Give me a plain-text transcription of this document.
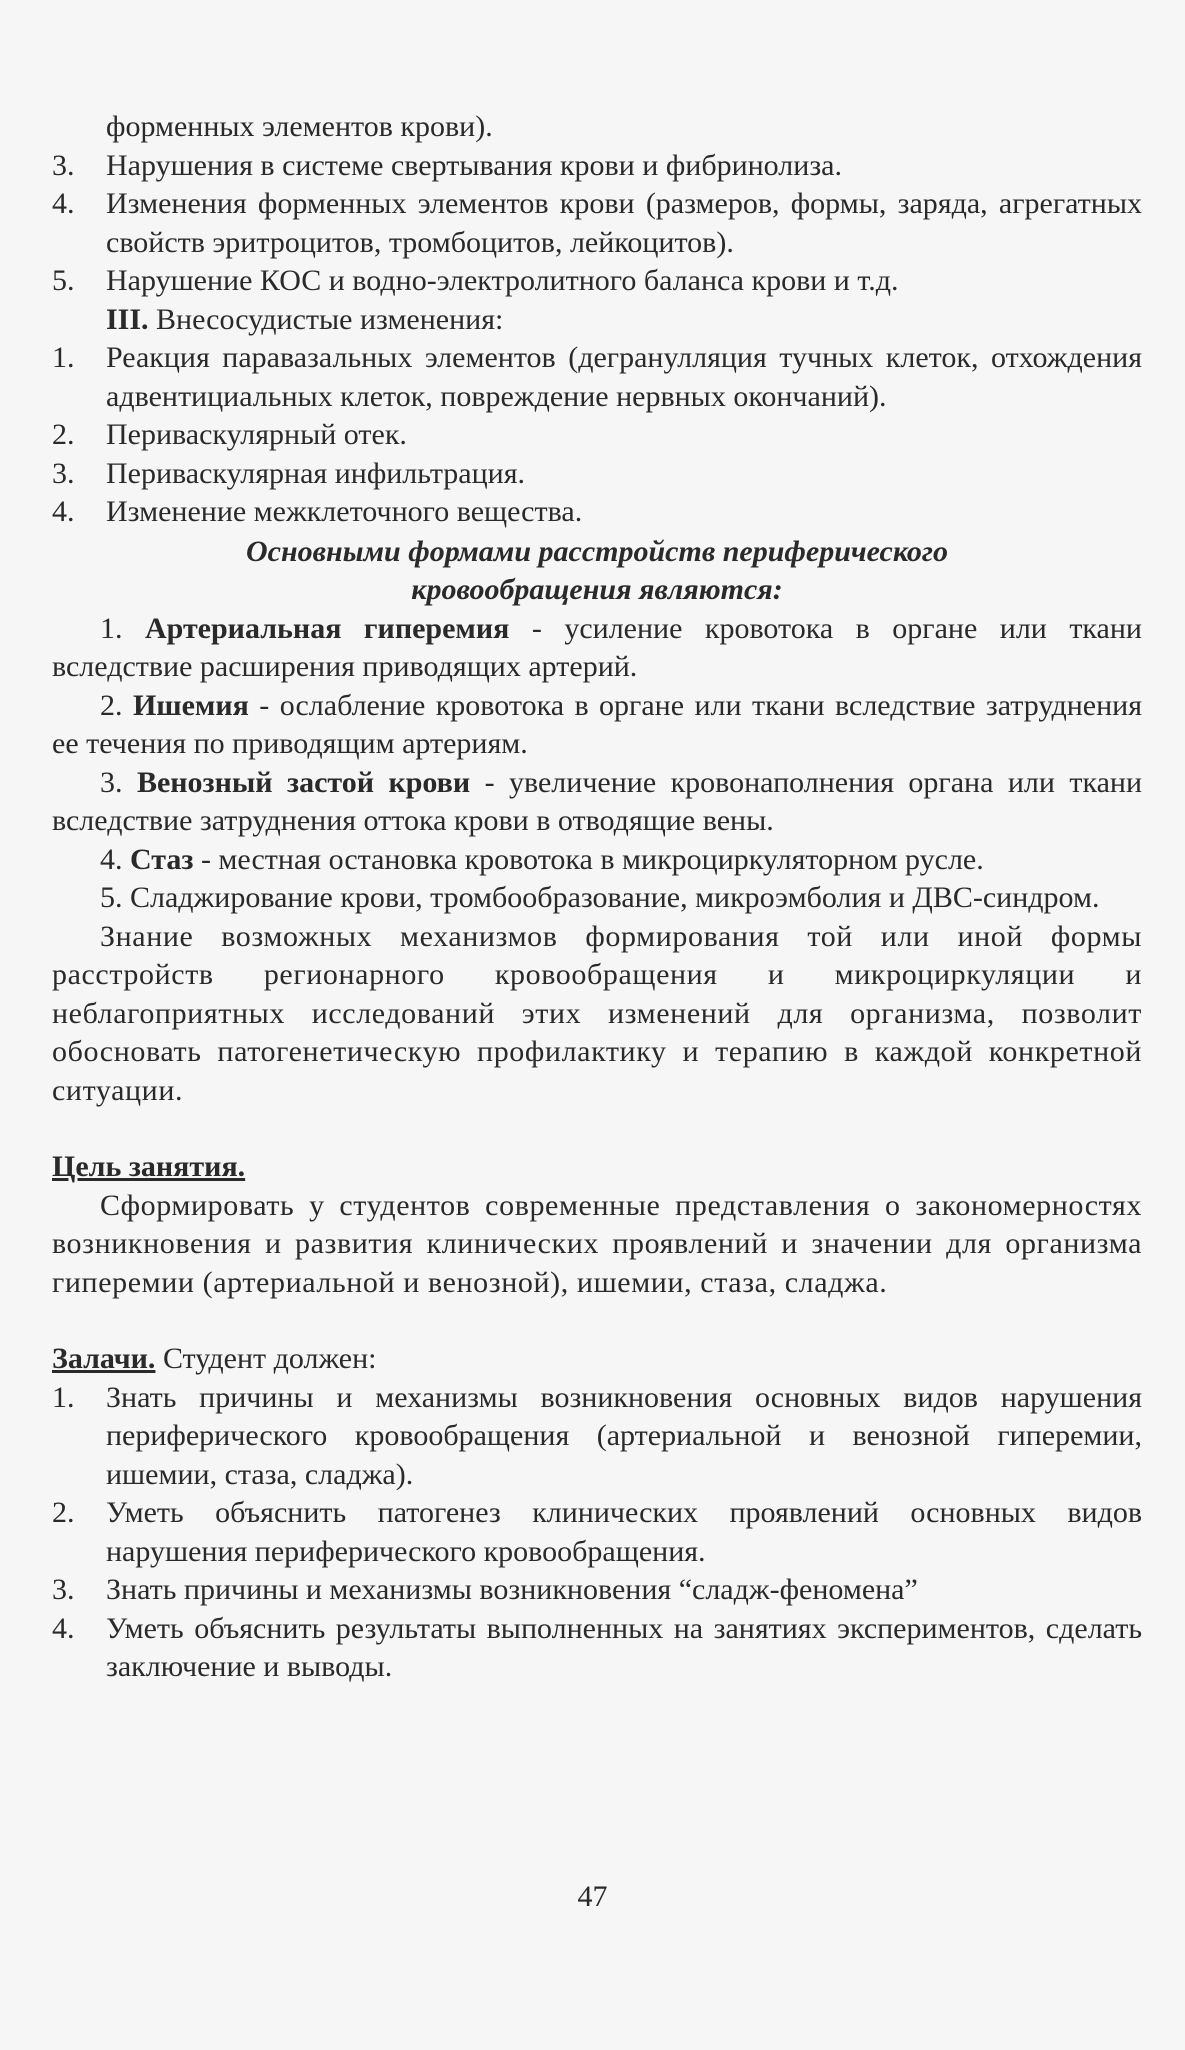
форменных элементов крови).
3.	Нарушения в системе свертывания крови и фибринолиза.
4.	Изменения форменных элементов крови (размеров, формы, заряда, агрегатных свойств эритроцитов, тромбоцитов, лейкоцитов).
5.	Нарушение КОС и водно-электролитного баланса крови и т.д.
III. Внесосудистые изменения:
1.	Реакция паравазальных элементов (дегранулляция тучных клеток, отхождения адвентициальных клеток, повреждение нервных окончаний).
2.	Периваскулярный отек.
3.	Периваскулярная инфильтрация.
4.	Изменение межклеточного вещества.
Основными формами расстройств периферического
кровообращения являются:
1. Артериальная гиперемия - усиление кровотока в органе или ткани вследствие расширения приводящих артерий.
2. Ишемия - ослабление кровотока в органе или ткани вследствие затруднения ее течения по приводящим артериям.
3. Венозный застой крови - увеличение кровонаполнения органа или ткани вследствие затруднения оттока крови в отводящие вены.
4. Стаз - местная остановка кровотока в микроциркуляторном русле.
5. Сладжирование крови, тромбообразование, микроэмболия и ДВС-синдром.
Знание возможных механизмов формирования той или иной формы расстройств регионарного кровообращения и микроциркуляции и неблагоприятных исследований этих изменений для организма, позволит обосновать патогенетическую профилактику и терапию в каждой конкретной ситуации.
Цель занятия.
Сформировать у студентов современные представления о закономерностях возникновения и развития клинических проявлений и значении для организма гиперемии (артериальной и венозной), ишемии, стаза, сладжа.
Залачи. Студент должен:
1.	Знать причины и механизмы возникновения основных видов нарушения периферического кровообращения (артериальной и венозной гиперемии, ишемии, стаза, сладжа).
2.	Уметь объяснить патогенез клинических проявлений основных видов нарушения периферического кровообращения.
3.	Знать причины и механизмы возникновения “сладж-феномена”
4.	Уметь объяснить результаты выполненных на занятиях экспериментов, сделать заключение и выводы.
47
